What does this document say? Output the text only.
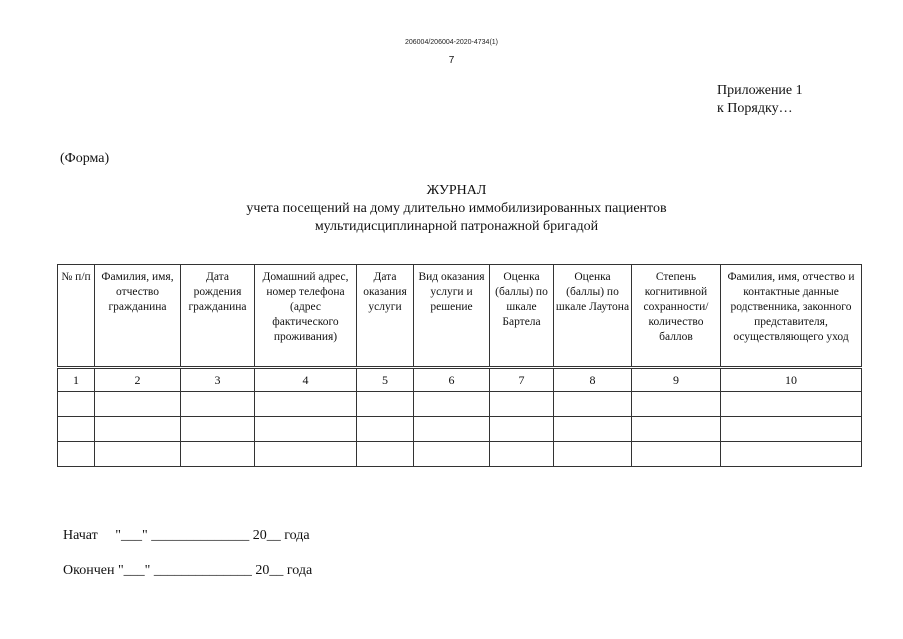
206004/206004-2020-4734(1)
7
Приложение 1
к Порядку…
(Форма)
ЖУРНАЛ
учета посещений на дому длительно иммобилизированных пациентов
мультидисциплинарной патронажной бригадой
№ п/п	Фамилия, имя, отчество гражданина	Дата рождения гражданина	Домашний адрес, номер телефона (адрес фактического проживания)	Дата оказания услуги	Вид оказания услуги и решение	Оценка (баллы) по шкале Бартела	Оценка (баллы) по шкале Лаутона	Степень когнитивной сохранности/ количество баллов	Фамилия, имя, отчество и контактные данные родственника, законного представителя, осуществляющего уход
1	2	3	4	5	6	7	8	9	10

Начат     "___" ______________ 20__ года
Окончен "___" ______________ 20__ года
